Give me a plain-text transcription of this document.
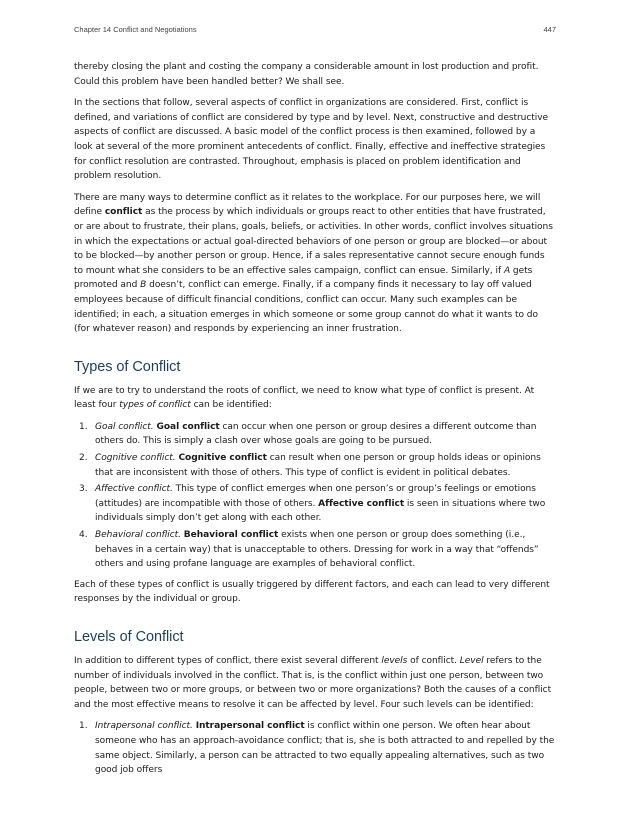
Chapter 14 Conflict and Negotiations	447

thereby closing the plant and costing the company a considerable amount in lost production and profit. Could this problem have been handled better? We shall see.

In the sections that follow, several aspects of conflict in organizations are considered. First, conflict is defined, and variations of conflict are considered by type and by level. Next, constructive and destructive aspects of conflict are discussed. A basic model of the conflict process is then examined, followed by a look at several of the more prominent antecedents of conflict. Finally, effective and ineffective strategies for conflict resolution are contrasted. Throughout, emphasis is placed on problem identification and problem resolution.

There are many ways to determine conflict as it relates to the workplace. For our purposes here, we will define conflict as the process by which individuals or groups react to other entities that have frustrated, or are about to frustrate, their plans, goals, beliefs, or activities. In other words, conflict involves situations in which the expectations or actual goal-directed behaviors of one person or group are blocked—or about to be blocked—by another person or group. Hence, if a sales representative cannot secure enough funds to mount what she considers to be an effective sales campaign, conflict can ensue. Similarly, if A gets promoted and B doesn’t, conflict can emerge. Finally, if a company finds it necessary to lay off valued employees because of difficult financial conditions, conflict can occur. Many such examples can be identified; in each, a situation emerges in which someone or some group cannot do what it wants to do (for whatever reason) and responds by experiencing an inner frustration.

Types of Conflict

If we are to try to understand the roots of conflict, we need to know what type of conflict is present. At least four types of conflict can be identified:

1. Goal conflict. Goal conflict can occur when one person or group desires a different outcome than others do. This is simply a clash over whose goals are going to be pursued.
2. Cognitive conflict. Cognitive conflict can result when one person or group holds ideas or opinions that are inconsistent with those of others. This type of conflict is evident in political debates.
3. Affective conflict. This type of conflict emerges when one person’s or group’s feelings or emotions (attitudes) are incompatible with those of others. Affective conflict is seen in situations where two individuals simply don’t get along with each other.
4. Behavioral conflict. Behavioral conflict exists when one person or group does something (i.e., behaves in a certain way) that is unacceptable to others. Dressing for work in a way that “offends” others and using profane language are examples of behavioral conflict.

Each of these types of conflict is usually triggered by different factors, and each can lead to very different responses by the individual or group.

Levels of Conflict

In addition to different types of conflict, there exist several different levels of conflict. Level refers to the number of individuals involved in the conflict. That is, is the conflict within just one person, between two people, between two or more groups, or between two or more organizations? Both the causes of a conflict and the most effective means to resolve it can be affected by level. Four such levels can be identified:

1. Intrapersonal conflict. Intrapersonal conflict is conflict within one person. We often hear about someone who has an approach-avoidance conflict; that is, she is both attracted to and repelled by the same object. Similarly, a person can be attracted to two equally appealing alternatives, such as two good job offers
